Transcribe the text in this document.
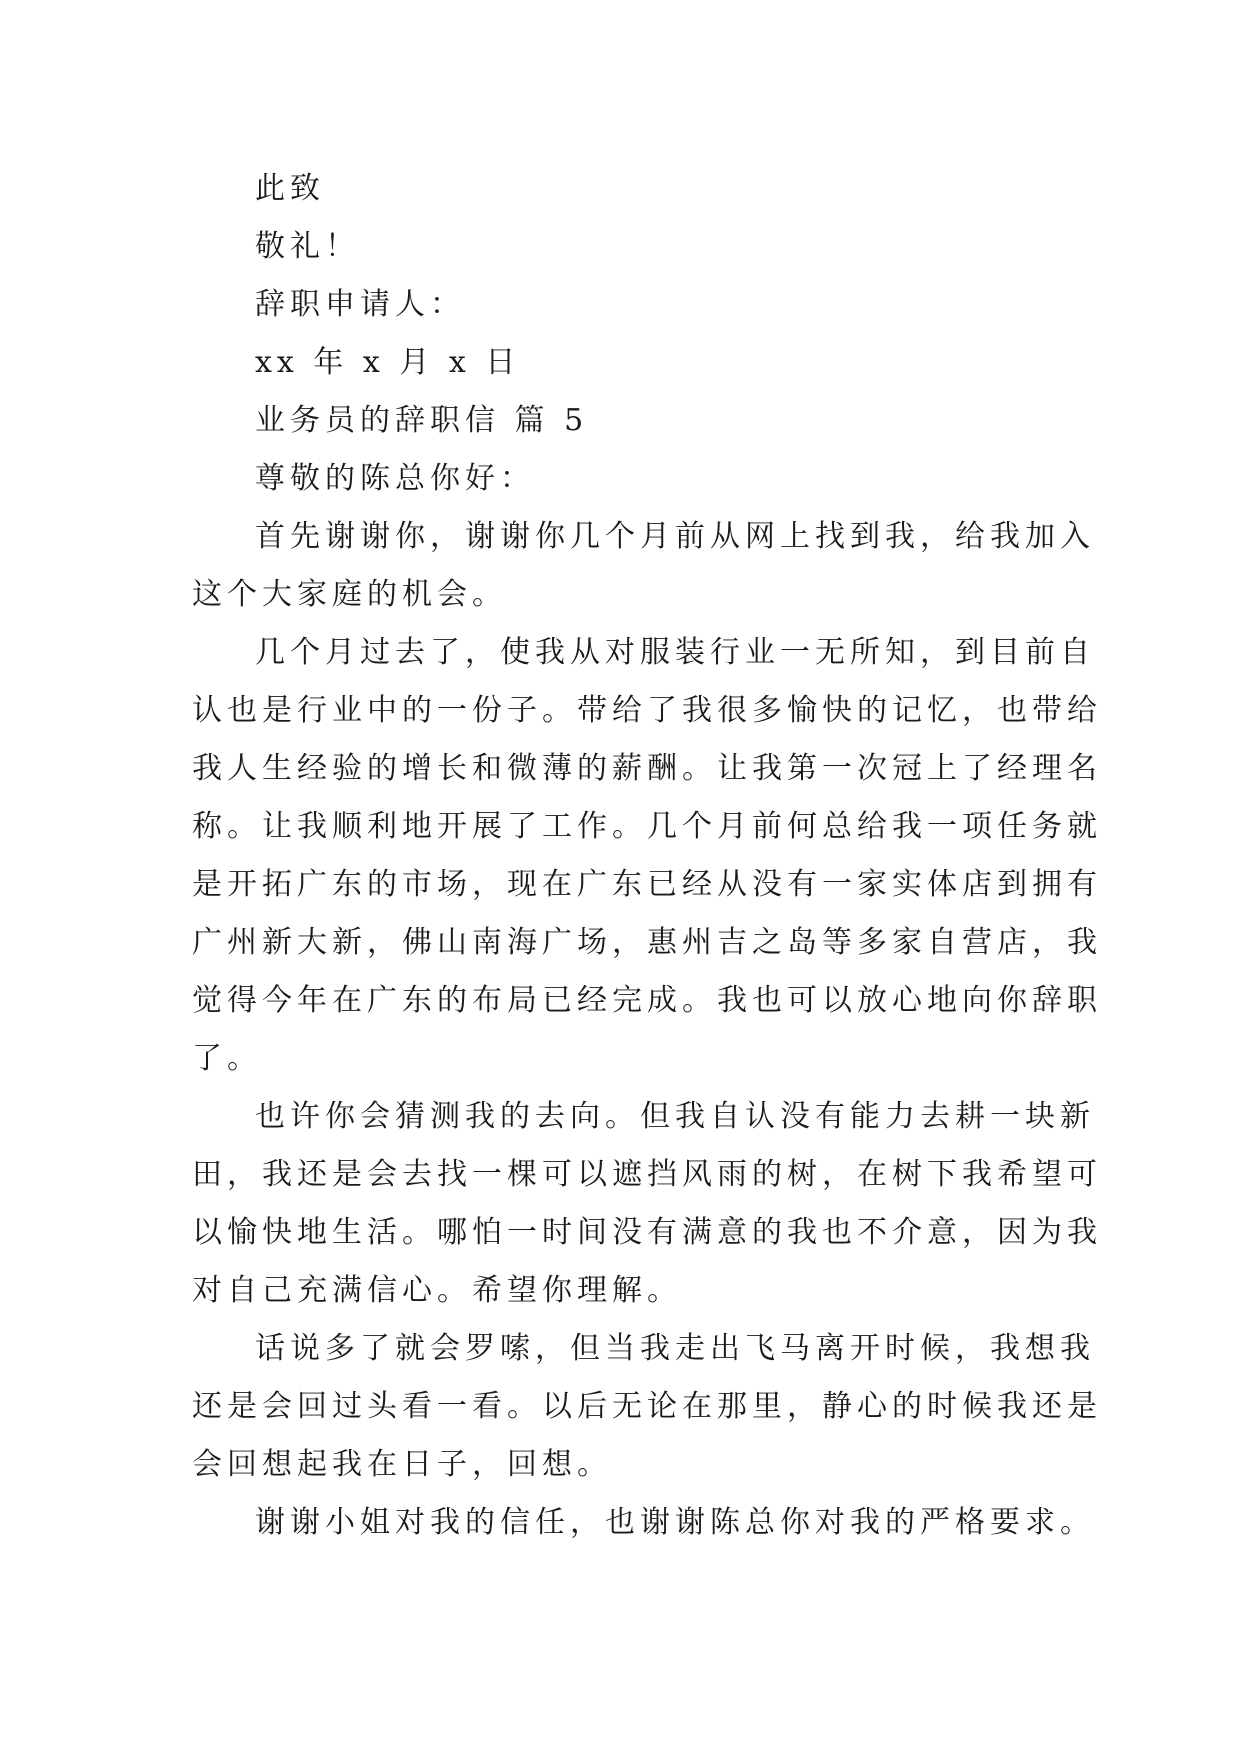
此致
敬礼！
辞职申请人：
xx 年 x 月 x 日
业务员的辞职信 篇 5
尊敬的陈总你好：
首先谢谢你，谢谢你几个月前从网上找到我，给我加入
这个大家庭的机会。
几个月过去了，使我从对服装行业一无所知，到目前自
认也是行业中的一份子。带给了我很多愉快的记忆，也带给
我人生经验的增长和微薄的薪酬。让我第一次冠上了经理名
称。让我顺利地开展了工作。几个月前何总给我一项任务就
是开拓广东的市场，现在广东已经从没有一家实体店到拥有
广州新大新，佛山南海广场，惠州吉之岛等多家自营店，我
觉得今年在广东的布局已经完成。我也可以放心地向你辞职
了。
也许你会猜测我的去向。但我自认没有能力去耕一块新
田，我还是会去找一棵可以遮挡风雨的树，在树下我希望可
以愉快地生活。哪怕一时间没有满意的我也不介意，因为我
对自己充满信心。希望你理解。
话说多了就会罗嗦，但当我走出飞马离开时候，我想我
还是会回过头看一看。以后无论在那里，静心的时候我还是
会回想起我在日子，回想。
谢谢小姐对我的信任，也谢谢陈总你对我的严格要求。
